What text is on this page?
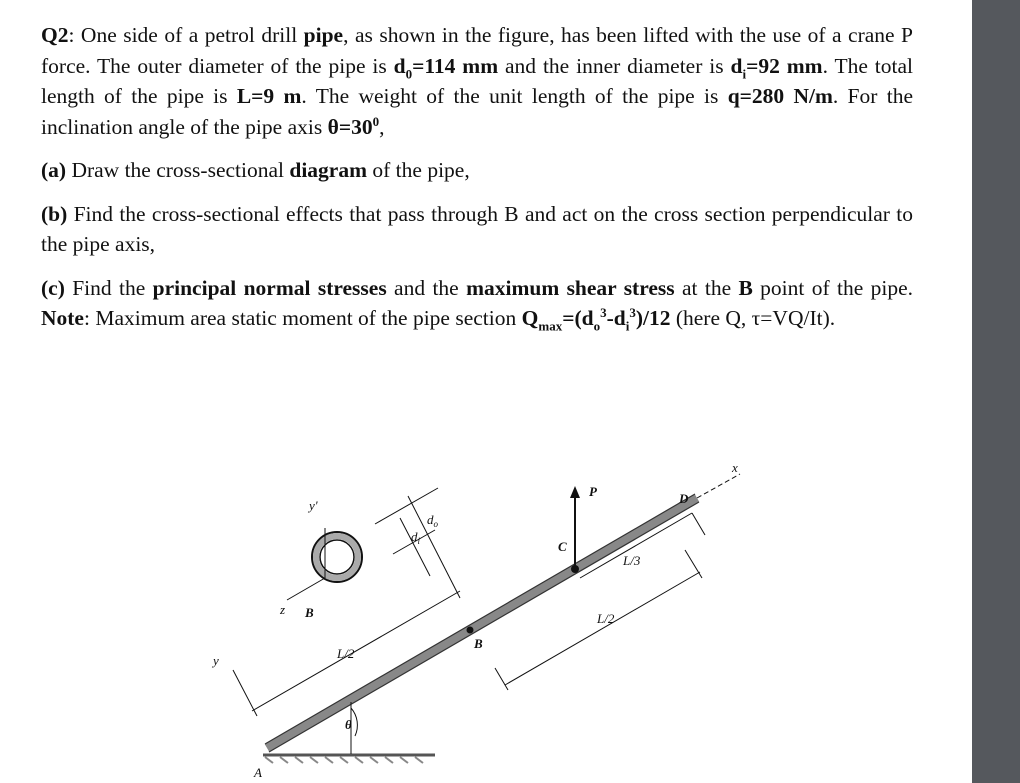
Q2: One side of a petrol drill pipe, as shown in the figure, has been lifted with the use of a crane P force. The outer diameter of the pipe is $d_0=114$ mm and the inner diameter is $d_i=92$ mm. The total length of the pipe is L=9 m. The weight of the unit length of the pipe is q=280 N/m. For the inclination angle of the pipe axis $\theta=30^0$,

(a) Draw the cross-sectional diagram of the pipe,

(b) Find the cross-sectional effects that pass through B and act on the cross section perpendicular to the pipe axis,

(c) Find the principal normal stresses and the maximum shear stress at the B point of the pipe. Note: Maximum area static moment of the pipe section $Q_{max}=(d_o^3-d_i^3)/12$ (here Q, τ=VQ/It).

P
x
D
C
L/3
L/2
L/2
B
B
z
y'
y
$d_i$
$d_o$
θ
A
